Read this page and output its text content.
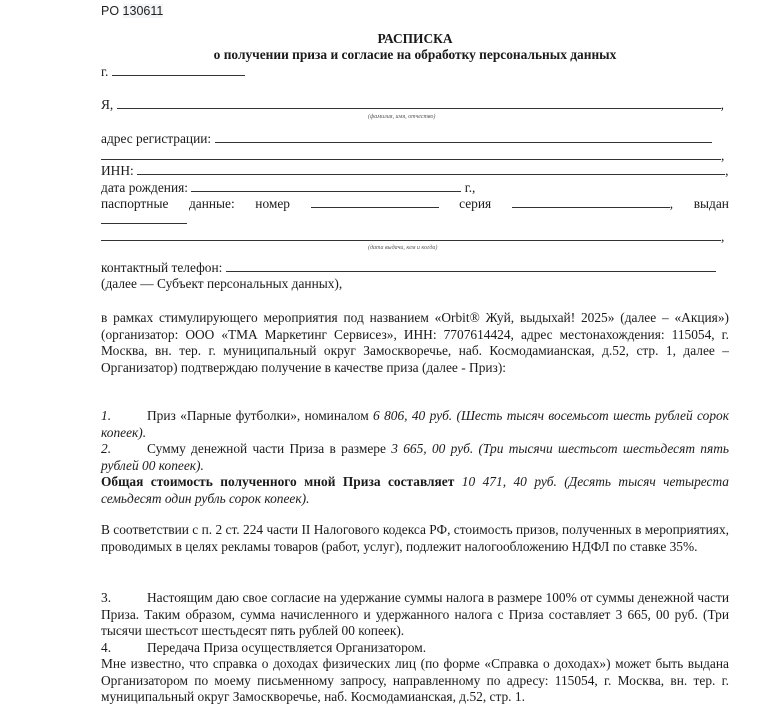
PO 130611
РАСПИСКА
о получении приза и согласие на обработку персональных данных
г.
Я,	,
(фамилия, имя, отчество)
адрес регистрации:
,
ИНН:	,
дата рождения:	г.,
паспортные данные: номер	серия	, выдан
,
(дата выдачи, кем и когда)
контактный телефон:
(далее — Субъект персональных данных),
в рамках стимулирующего мероприятия под названием «Orbit® Жуй, выдыхай! 2025» (далее – «Акция») (организатор: ООО «ТМА Маркетинг Сервисез», ИНН: 7707614424, адрес местонахождения: 115054, г. Москва, вн. тер. г. муниципальный округ Замоскворечье, наб. Космодамианская, д.52, стр. 1, далее – Организатор) подтверждаю получение в качестве приза (далее - Приз):
1.	Приз «Парные футболки», номиналом 6 806, 40 руб. (Шесть тысяч восемьсот шесть рублей сорок копеек).
2.	Сумму денежной части Приза в размере 3 665, 00 руб. (Три тысячи шестьсот шестьдесят пять рублей 00 копеек).
Общая стоимость полученного мной Приза составляет 10 471, 40 руб. (Десять тысяч четыреста семьдесят один рубль сорок копеек).
В соответствии с п. 2 ст. 224 части II Налогового кодекса РФ, стоимость призов, полученных в мероприятиях, проводимых в целях рекламы товаров (работ, услуг), подлежит налогообложению НДФЛ по ставке 35%.
3.	Настоящим даю свое согласие на удержание суммы налога в размере 100% от суммы денежной части Приза. Таким образом, сумма начисленного и удержанного налога с Приза составляет 3 665, 00 руб. (Три тысячи шестьсот шестьдесят пять рублей 00 копеек).
4.	Передача Приза осуществляется Организатором.
Мне известно, что справка о доходах физических лиц (по форме «Справка о доходах») может быть выдана Организатором по моему письменному запросу, направленному по адресу: 115054, г. Москва, вн. тер. г. муниципальный округ Замоскворечье, наб. Космодамианская, д.52, стр. 1.
